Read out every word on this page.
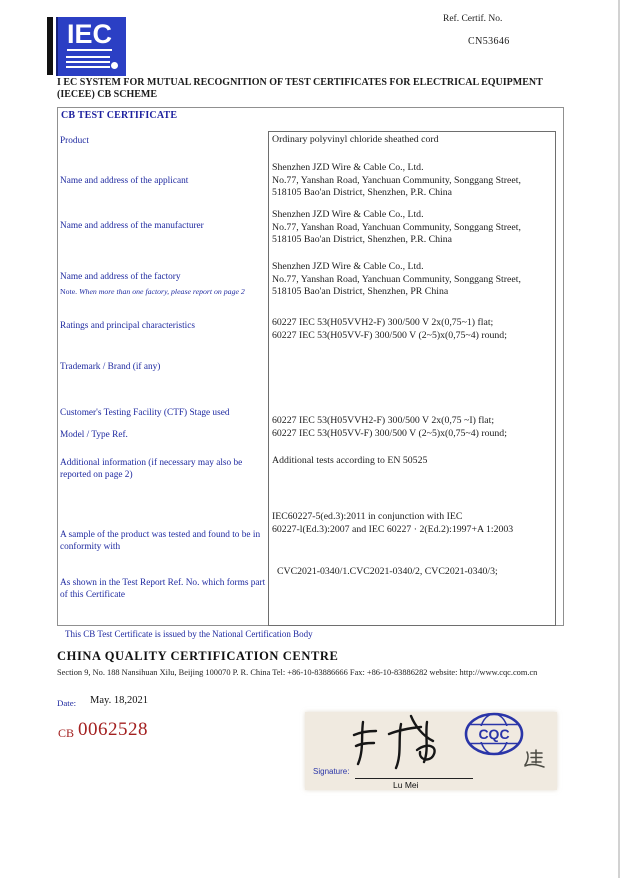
IEC	Ref. Certif. No.
CN53646
I EC SYSTEM FOR MUTUAL RECOGNITION OF TEST CERTIFICATES FOR ELECTRICAL EQUIPMENT
(IECEE) CB SCHEME
CB TEST CERTIFICATE
Product
Name and address of the applicant
Name and address of the manufacturer
Name and address of the factory
Note. When more than one factory, please report on page 2
Ratings and principal characteristics
Trademark / Brand (if any)
Customer's Testing Facility (CTF) Stage used
Model / Type Ref.
Additional information (if necessary may also be reported on page 2)
A sample of the product was tested and found to be in conformity with
As shown in the Test Report Ref. No. which forms part of this Certificate
Ordinary polyvinyl chloride sheathed cord
Shenzhen JZD Wire & Cable Co., Ltd.
No.77, Yanshan Road, Yanchuan Community, Songgang Street,
518105 Bao'an District, Shenzhen, P.R. China
Shenzhen JZD Wire & Cable Co., Ltd.
No.77, Yanshan Road, Yanchuan Community, Songgang Street,
518105 Bao'an District, Shenzhen, P.R. China
Shenzhen JZD Wire & Cable Co., Ltd.
No.77, Yanshan Road, Yanchuan Community, Songgang Street,
518105 Bao'an District, Shenzhen, PR China
60227 IEC 53(H05VVH2-F) 300/500 V 2x(0,75~1) flat;
60227 IEC 53(H05VV-F) 300/500 V (2~5)x(0,75~4) round;
60227 IEC 53(H05VVH2-F) 300/500 V 2x(0,75 ~I) flat;
60227 IEC 53(H05VV-F) 300/500 V (2~5)x(0,75~4) round;
Additional tests according to EN 50525
IEC60227-5(ed.3):2011 in conjunction with IEC
60227-l(Ed.3):2007 and IEC 60227 · 2(Ed.2):1997+A 1:2003
CVC2021-0340/1.CVC2021-0340/2, CVC2021-0340/3;
This CB Test Certificate is issued by the National Certification Body
CHINA QUALITY CERTIFICATION CENTRE
Section 9, No. 188 Nansihuan Xilu, Beijing 100070 P. R. China Tel: +86-10-83886666 Fax: +86-10-83886282 website: http://www.cqc.com.cn
Date: May. 18,2021
CB 0062528
Signature:
Lu Mei
CQC
